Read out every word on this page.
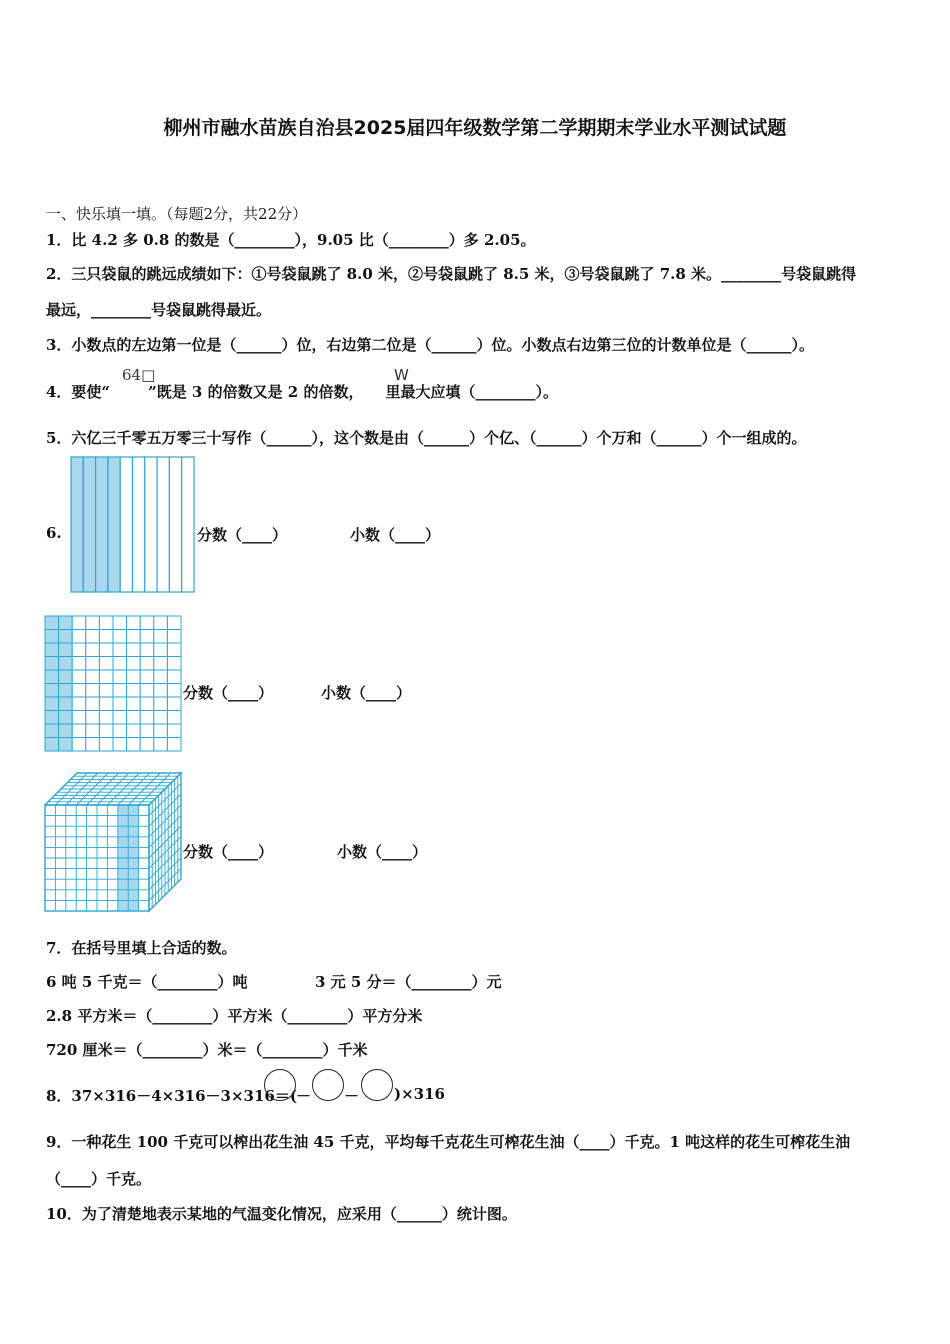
柳州市融水苗族自治县2025届四年级数学第二学期期末学业水平测试试题
一、快乐填一填。（每题2分，共22分）
1．比 4.2 多 0.8 的数是（________），9.05 比（________）多 2.05。
2．三只袋鼠的跳远成绩如下：①号袋鼠跳了 8.0 米，②号袋鼠跳了 8.5 米，③号袋鼠跳了 7.8 米。________号袋鼠跳得
最远，________号袋鼠跳得最近。
3．小数点的左边第一位是（______）位，右边第二位是（______）位。小数点右边第三位的计数单位是（______）。
4．要使“	”既是 3 的倍数又是 2 的倍数， 里最大应填（________）。
64□	W
5．六亿三千零五万零三十写作（______），这个数是由（______）个亿、（______）个万和（______）个一组成的。
6.	分数（____）	小数（____）
分数（____）	小数（____）
分数（____）	小数（____）
7．在括号里填上合适的数。
6 吨 5 千克＝（________）吨	3 元 5 分＝（________）元
2.8 平方米＝（________）平方米（________）平方分米
720 厘米＝（________）米＝（________）千米
8．37×316－4×316－3×316＝( － － )×316
9．一种花生 100 千克可以榨出花生油 45 千克，平均每千克花生可榨花生油（____）千克。1 吨这样的花生可榨花生油
（____）千克。
10．为了清楚地表示某地的气温变化情况，应采用（______）统计图。
